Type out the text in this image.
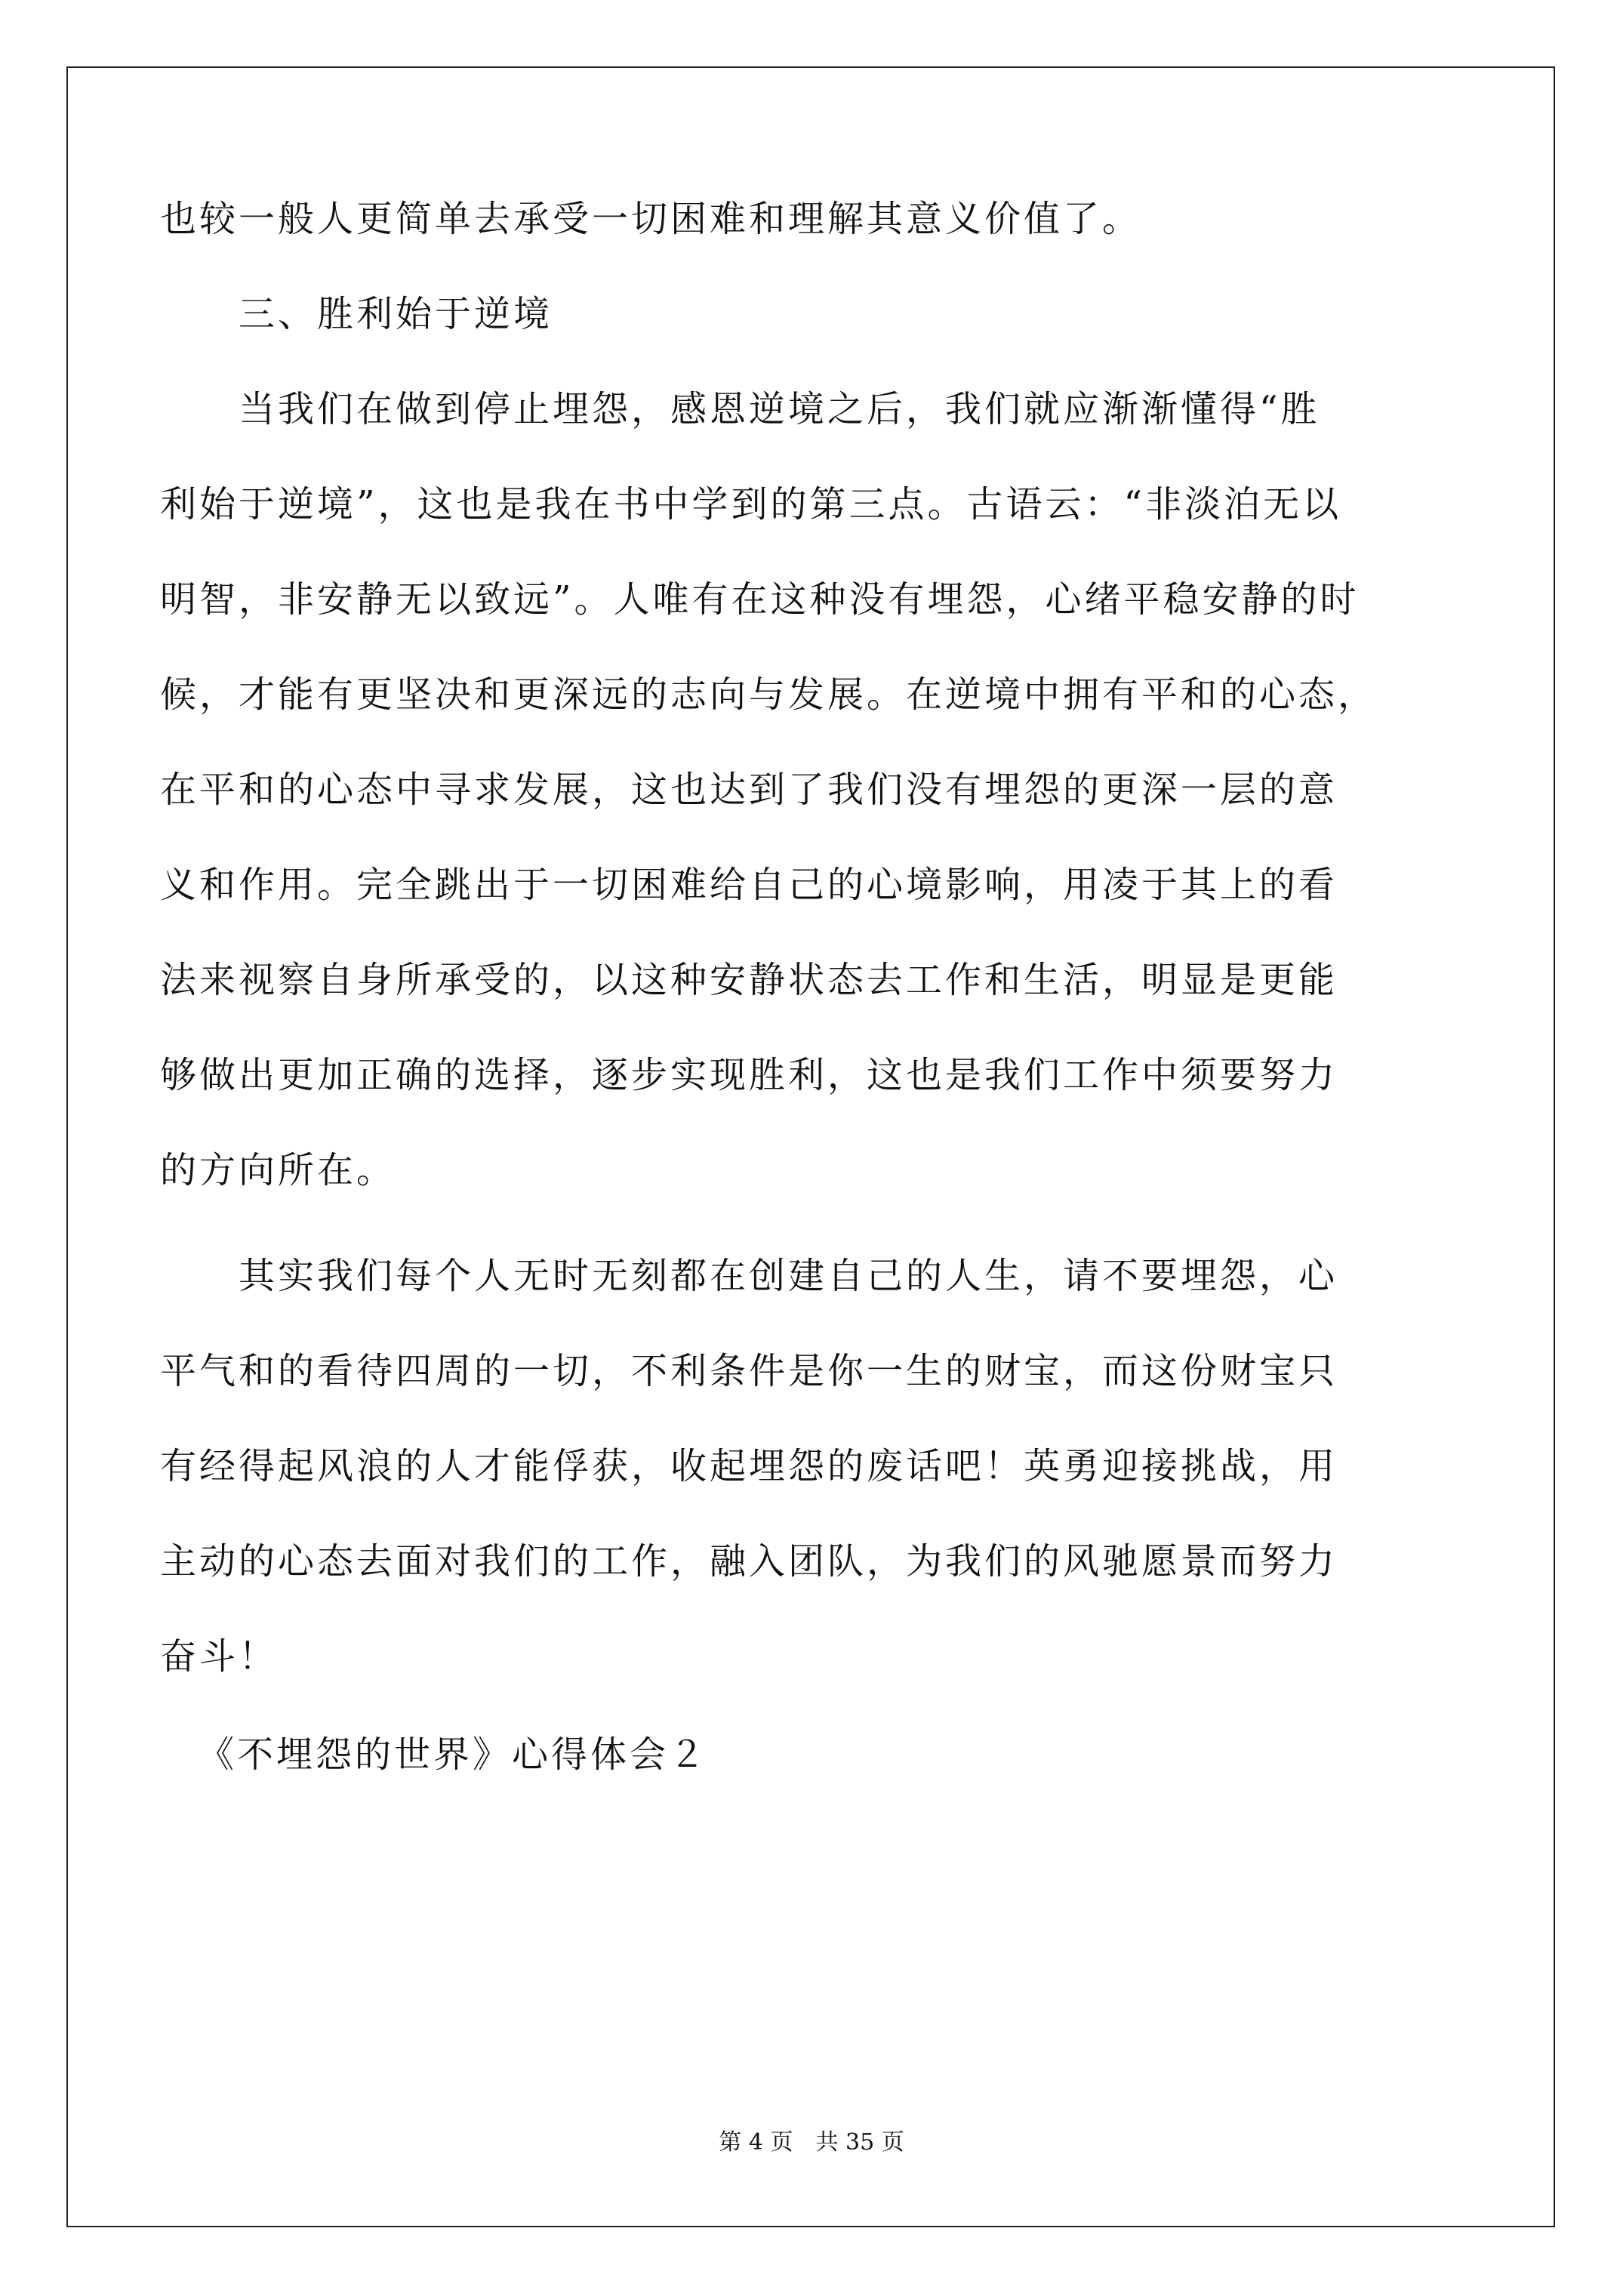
也较一般人更简单去承受一切困难和理解其意义价值了。
　　三、胜利始于逆境
　　当我们在做到停止埋怨，感恩逆境之后，我们就应渐渐懂得“胜
利始于逆境”，这也是我在书中学到的第三点。古语云：“非淡泊无以
明智，非安静无以致远”。人唯有在这种没有埋怨，心绪平稳安静的时
候，才能有更坚决和更深远的志向与发展。在逆境中拥有平和的心态，
在平和的心态中寻求发展，这也达到了我们没有埋怨的更深一层的意
义和作用。完全跳出于一切困难给自己的心境影响，用凌于其上的看
法来视察自身所承受的，以这种安静状态去工作和生活，明显是更能
够做出更加正确的选择，逐步实现胜利，这也是我们工作中须要努力
的方向所在。
　　其实我们每个人无时无刻都在创建自己的人生，请不要埋怨，心
平气和的看待四周的一切，不利条件是你一生的财宝，而这份财宝只
有经得起风浪的人才能俘获，收起埋怨的废话吧！英勇迎接挑战，用
主动的心态去面对我们的工作，融入团队，为我们的风驰愿景而努力
奋斗！
《不埋怨的世界》心得体会２
第 4 页　共 35 页
